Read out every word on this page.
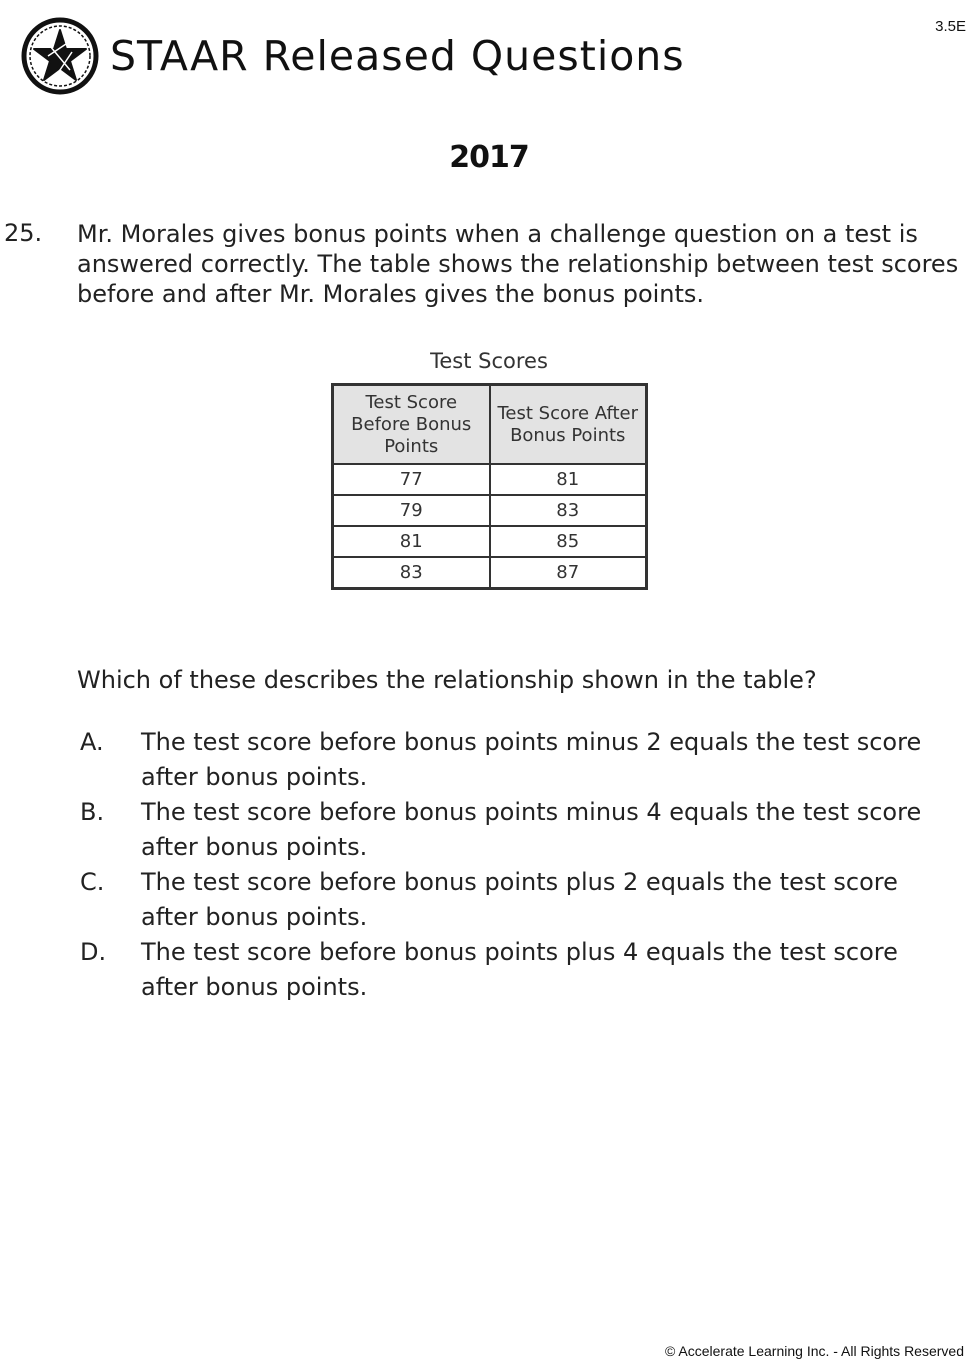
STAAR Released Questions
3.5E
2017
25. Mr. Morales gives bonus points when a challenge question on a test is answered correctly. The table shows the relationship between test scores before and after Mr. Morales gives the bonus points.

Test Scores
Test Score Before Bonus Points	Test Score After Bonus Points
77	81
79	83
81	85
83	87
Which of these describes the relationship shown in the table?
A.	The test score before bonus points minus 2 equals the test score after bonus points.
B.	The test score before bonus points minus 4 equals the test score after bonus points.
C.	The test score before bonus points plus 2 equals the test score after bonus points.
D.	The test score before bonus points plus 4 equals the test score after bonus points.
© Accelerate Learning Inc. - All Rights Reserved
